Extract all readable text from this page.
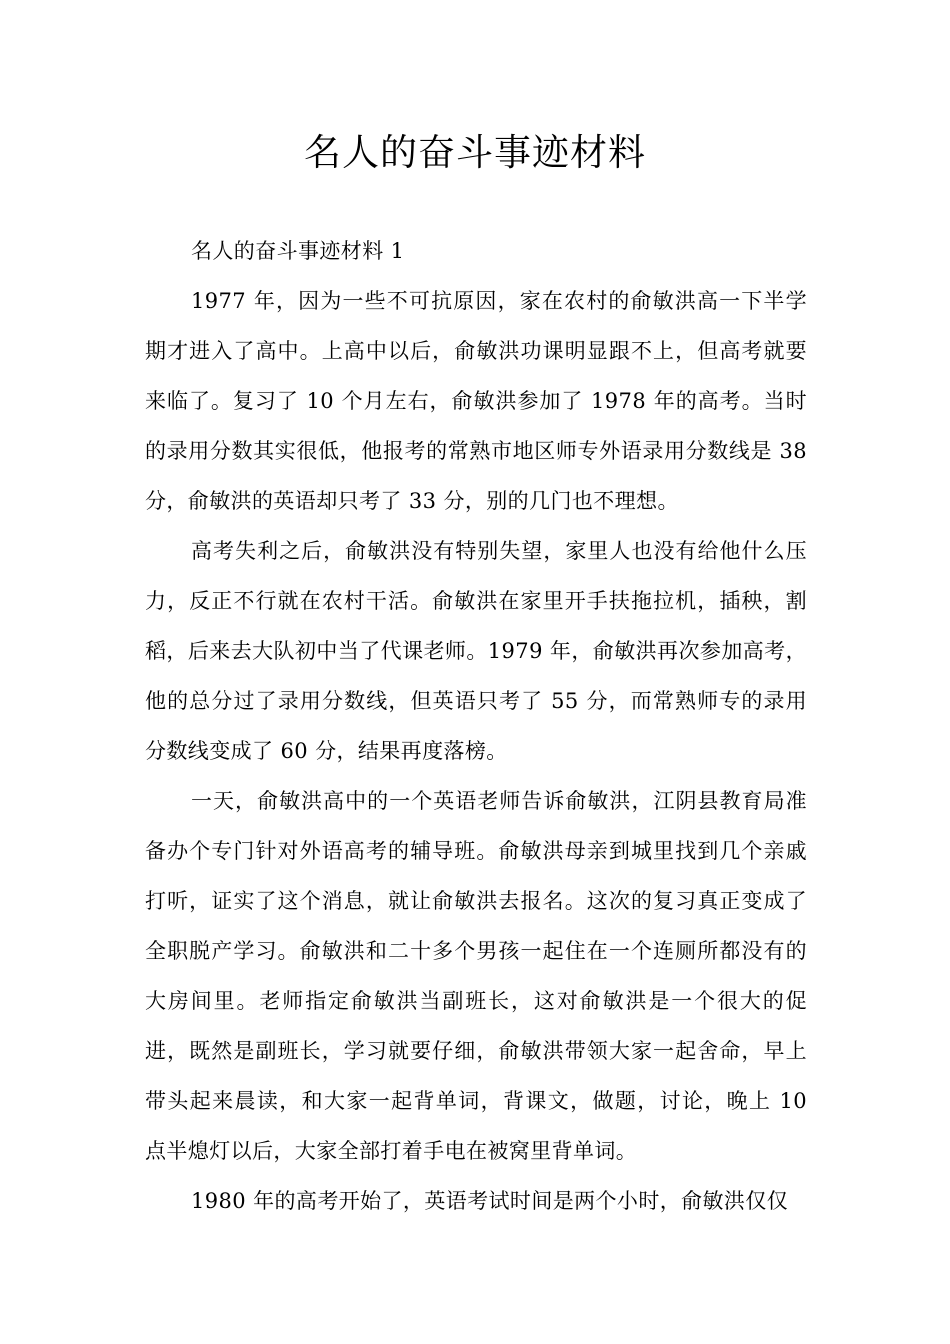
名人的奋斗事迹材料

名人的奋斗事迹材料 1

1977 年，因为一些不可抗原因，家在农村的俞敏洪高一下半学期才进入了高中。上高中以后，俞敏洪功课明显跟不上，但高考就要来临了。复习了 10 个月左右，俞敏洪参加了 1978 年的高考。当时的录用分数其实很低，他报考的常熟市地区师专外语录用分数线是 38 分，俞敏洪的英语却只考了 33 分，别的几门也不理想。

高考失利之后，俞敏洪没有特别失望，家里人也没有给他什么压力，反正不行就在农村干活。俞敏洪在家里开手扶拖拉机，插秧，割稻，后来去大队初中当了代课老师。1979 年，俞敏洪再次参加高考，他的总分过了录用分数线，但英语只考了 55 分，而常熟师专的录用分数线变成了 60 分，结果再度落榜。

一天，俞敏洪高中的一个英语老师告诉俞敏洪，江阴县教育局准备办个专门针对外语高考的辅导班。俞敏洪母亲到城里找到几个亲戚打听，证实了这个消息，就让俞敏洪去报名。这次的复习真正变成了全职脱产学习。俞敏洪和二十多个男孩一起住在一个连厕所都没有的大房间里。老师指定俞敏洪当副班长，这对俞敏洪是一个很大的促进，既然是副班长，学习就要仔细，俞敏洪带领大家一起舍命，早上带头起来晨读，和大家一起背单词，背课文，做题，讨论，晚上 10 点半熄灯以后，大家全部打着手电在被窝里背单词。

1980 年的高考开始了，英语考试时间是两个小时，俞敏洪仅仅
